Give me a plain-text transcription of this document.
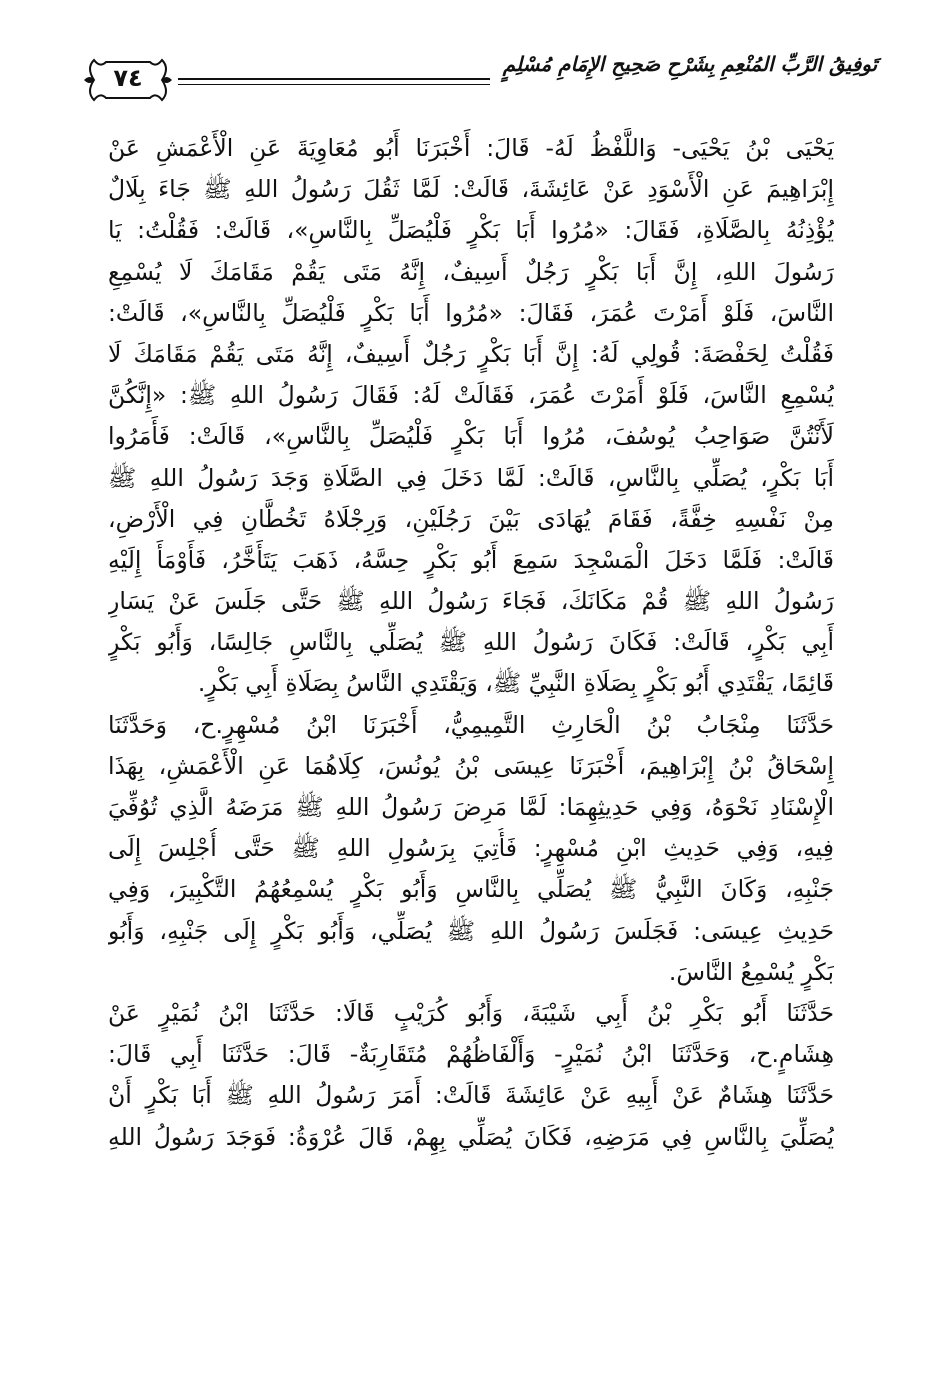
تَوفِيقُ الرَّبِّ المُنْعِمِ بِشَرْحِ صَحِيحِ الإِمَامِ مُسْلِمٍ
٧٤
يَحْيَى بْنُ يَحْيَى- وَاللَّفْظُ لَهُ- قَالَ: أَخْبَرَنَا أَبُو مُعَاوِيَةَ عَنِ الْأَعْمَشِ عَنْ
إِبْرَاهِيمَ عَنِ الْأَسْوَدِ عَنْ عَائِشَةَ، قَالَتْ: لَمَّا ثَقُلَ رَسُولُ اللهِ ﷺ جَاءَ بِلَالٌ
يُؤْذِنُهُ بِالصَّلَاةِ، فَقَالَ: «مُرُوا أَبَا بَكْرٍ فَلْيُصَلِّ بِالنَّاسِ»، قَالَتْ: فَقُلْتُ: يَا
رَسُولَ اللهِ، إِنَّ أَبَا بَكْرٍ رَجُلٌ أَسِيفٌ، إِنَّهُ مَتَى يَقُمْ مَقَامَكَ لَا يُسْمِعِ
النَّاسَ، فَلَوْ أَمَرْتَ عُمَرَ، فَقَالَ: «مُرُوا أَبَا بَكْرٍ فَلْيُصَلِّ بِالنَّاسِ»، قَالَتْ:
فَقُلْتُ لِحَفْصَةَ: قُولِي لَهُ: إِنَّ أَبَا بَكْرٍ رَجُلٌ أَسِيفٌ، إِنَّهُ مَتَى يَقُمْ مَقَامَكَ لَا
يُسْمِعِ النَّاسَ، فَلَوْ أَمَرْتَ عُمَرَ، فَقَالَتْ لَهُ: فَقَالَ رَسُولُ اللهِ ﷺ: «إِنَّكُنَّ
لَأَنْتُنَّ صَوَاحِبُ يُوسُفَ، مُرُوا أَبَا بَكْرٍ فَلْيُصَلِّ بِالنَّاسِ»، قَالَتْ: فَأَمَرُوا
أَبَا بَكْرٍ، يُصَلِّي بِالنَّاسِ، قَالَتْ: لَمَّا دَخَلَ فِي الصَّلَاةِ وَجَدَ رَسُولُ اللهِ ﷺ
مِنْ نَفْسِهِ خِفَّةً، فَقَامَ يُهَادَى بَيْنَ رَجُلَيْنِ، وَرِجْلَاهُ تَخُطَّانِ فِي الْأَرْضِ،
قَالَتْ: فَلَمَّا دَخَلَ الْمَسْجِدَ سَمِعَ أَبُو بَكْرٍ حِسَّهُ، ذَهَبَ يَتَأَخَّرُ، فَأَوْمَأَ إِلَيْهِ
رَسُولُ اللهِ ﷺ قُمْ مَكَانَكَ، فَجَاءَ رَسُولُ اللهِ ﷺ حَتَّى جَلَسَ عَنْ يَسَارِ
أَبِي بَكْرٍ، قَالَتْ: فَكَانَ رَسُولُ اللهِ ﷺ يُصَلِّي بِالنَّاسِ جَالِسًا، وَأَبُو بَكْرٍ
قَائِمًا، يَقْتَدِي أَبُو بَكْرٍ بِصَلَاةِ النَّبِيِّ ﷺ، وَيَقْتَدِي النَّاسُ بِصَلَاةِ أَبِي بَكْرٍ.
حَدَّثَنَا مِنْجَابُ بْنُ الْحَارِثِ التَّمِيمِيُّ، أَخْبَرَنَا ابْنُ مُسْهِرٍ.ح، وَحَدَّثَنَا
إِسْحَاقُ بْنُ إِبْرَاهِيمَ، أَخْبَرَنَا عِيسَى بْنُ يُونُسَ، كِلَاهُمَا عَنِ الْأَعْمَشِ، بِهَذَا
الْإِسْنَادِ نَحْوَهُ، وَفِي حَدِيثِهِمَا: لَمَّا مَرِضَ رَسُولُ اللهِ ﷺ مَرَضَهُ الَّذِي تُوُفِّيَ
فِيهِ، وَفِي حَدِيثِ ابْنِ مُسْهِرٍ: فَأُتِيَ بِرَسُولِ اللهِ ﷺ حَتَّى أُجْلِسَ إِلَى
جَنْبِهِ، وَكَانَ النَّبِيُّ ﷺ يُصَلِّي بِالنَّاسِ وَأَبُو بَكْرٍ يُسْمِعُهُمُ التَّكْبِيرَ، وَفِي
حَدِيثِ عِيسَى: فَجَلَسَ رَسُولُ اللهِ ﷺ يُصَلِّي، وَأَبُو بَكْرٍ إِلَى جَنْبِهِ، وَأَبُو
بَكْرٍ يُسْمِعُ النَّاسَ.
حَدَّثَنَا أَبُو بَكْرِ بْنُ أَبِي شَيْبَةَ، وَأَبُو كُرَيْبٍ قَالَا: حَدَّثَنَا ابْنُ نُمَيْرٍ عَنْ
هِشَامٍ.ح، وَحَدَّثَنَا ابْنُ نُمَيْرٍ- وَأَلْفَاظُهُمْ مُتَقَارِبَةٌ- قَالَ: حَدَّثَنَا أَبِي قَالَ:
حَدَّثَنَا هِشَامٌ عَنْ أَبِيهِ عَنْ عَائِشَةَ قَالَتْ: أَمَرَ رَسُولُ اللهِ ﷺ أَبَا بَكْرٍ أَنْ
يُصَلِّيَ بِالنَّاسِ فِي مَرَضِهِ، فَكَانَ يُصَلِّي بِهِمْ، قَالَ عُرْوَةُ: فَوَجَدَ رَسُولُ اللهِ
